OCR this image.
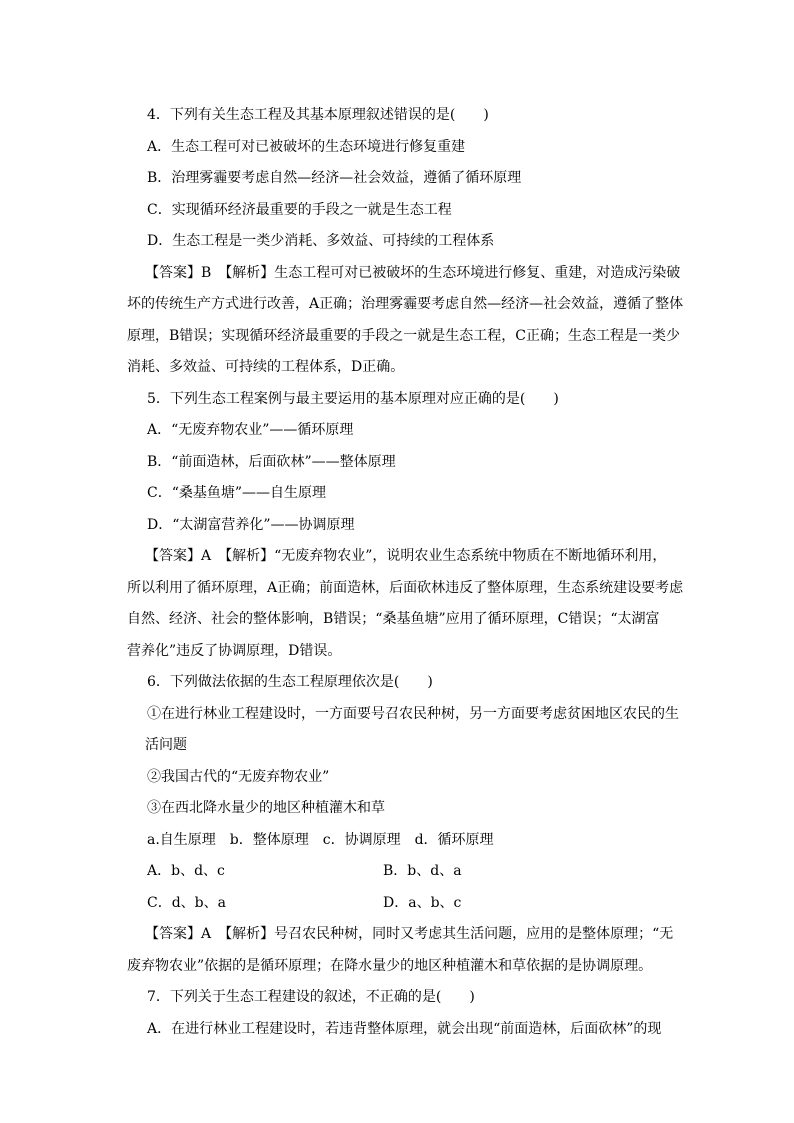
4．下列有关生态工程及其基本原理叙述错误的是(　　)
A．生态工程可对已被破坏的生态环境进行修复重建
B．治理雾霾要考虑自然—经济—社会效益，遵循了循环原理
C．实现循环经济最重要的手段之一就是生态工程
D．生态工程是一类少消耗、多效益、可持续的工程体系
【答案】B　【解析】生态工程可对已被破坏的生态环境进行修复、重建，对造成污染破
坏的传统生产方式进行改善，A正确；治理雾霾要考虑自然—经济—社会效益，遵循了整体
原理，B错误；实现循环经济最重要的手段之一就是生态工程，C正确；生态工程是一类少
消耗、多效益、可持续的工程体系，D正确。
5．下列生态工程案例与最主要运用的基本原理对应正确的是(　　)
A．“无废弃物农业”——循环原理
B．“前面造林，后面砍林”——整体原理
C．“桑基鱼塘”——自生原理
D．“太湖富营养化”——协调原理
【答案】A　【解析】“无废弃物农业”，说明农业生态系统中物质在不断地循环利用，
所以利用了循环原理，A正确；前面造林，后面砍林违反了整体原理，生态系统建设要考虑
自然、经济、社会的整体影响，B错误；“桑基鱼塘”应用了循环原理，C错误；“太湖富
营养化”违反了协调原理，D错误。
6．下列做法依据的生态工程原理依次是(　　)
①在进行林业工程建设时，一方面要号召农民种树，另一方面要考虑贫困地区农民的生
活问题
②我国古代的“无废弃物农业”
③在西北降水量少的地区种植灌木和草
a.自生原理　b．整体原理　c．协调原理　d．循环原理
A．b、d、c	B．b、d、a
C．d、b、a	D．a、b、c
【答案】A　【解析】号召农民种树，同时又考虑其生活问题，应用的是整体原理；“无
废弃物农业”依据的是循环原理；在降水量少的地区种植灌木和草依据的是协调原理。
7．下列关于生态工程建设的叙述，不正确的是(　　)
A．在进行林业工程建设时，若违背整体原理，就会出现“前面造林，后面砍林”的现
